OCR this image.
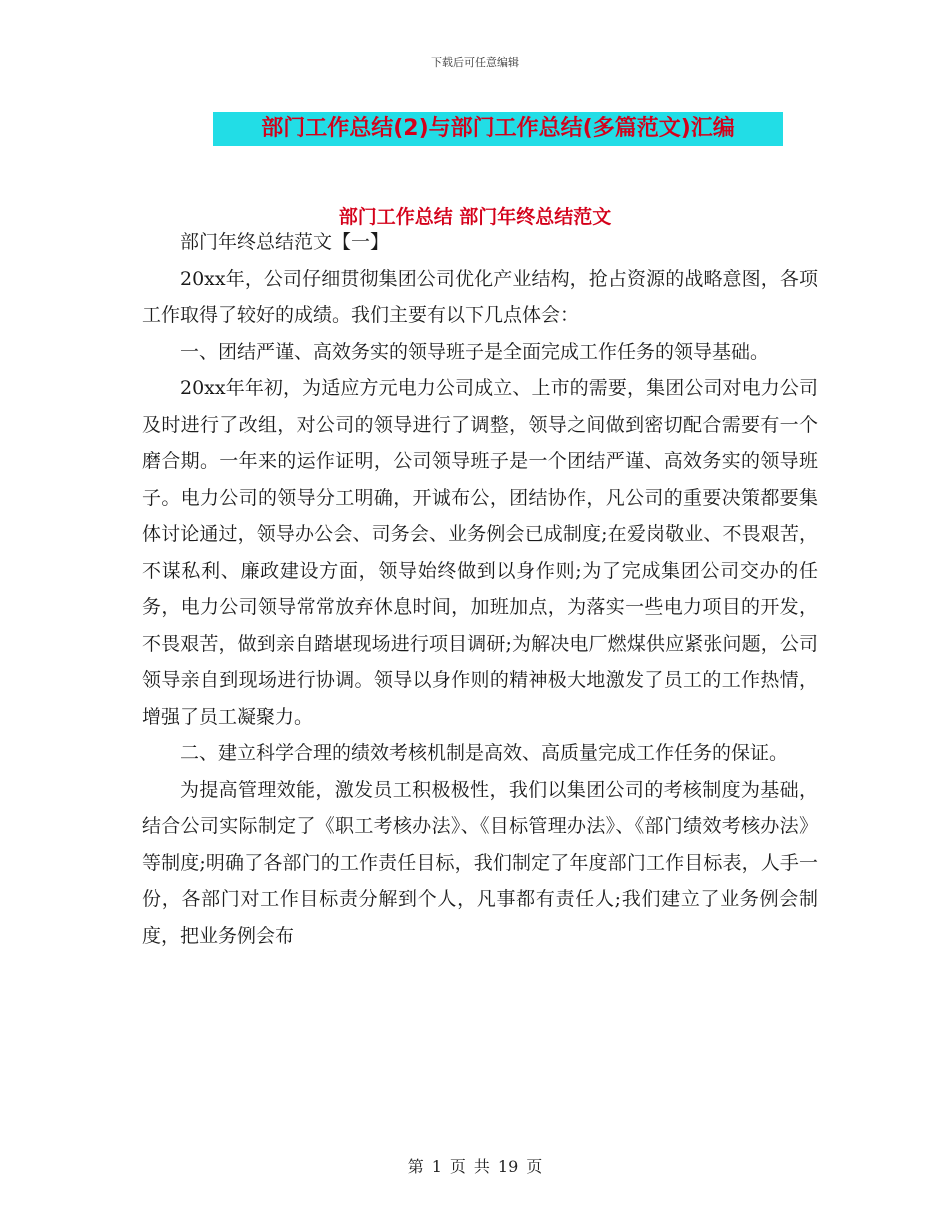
下载后可任意编辑
部门工作总结(2)与部门工作总结(多篇范文)汇编
部门工作总结 部门年终总结范文

部门年终总结范文【一】

20xx年，公司仔细贯彻集团公司优化产业结构，抢占资源的战略意图，各项工作取得了较好的成绩。我们主要有以下几点体会：

一、团结严谨、高效务实的领导班子是全面完成工作任务的领导基础。

20xx年年初，为适应方元电力公司成立、上市的需要，集团公司对电力公司及时进行了改组，对公司的领导进行了调整，领导之间做到密切配合需要有一个磨合期。一年来的运作证明，公司领导班子是一个团结严谨、高效务实的领导班子。电力公司的领导分工明确，开诚布公，团结协作，凡公司的重要决策都要集体讨论通过，领导办公会、司务会、业务例会已成制度;在爱岗敬业、不畏艰苦，不谋私利、廉政建设方面，领导始终做到以身作则;为了完成集团公司交办的任务，电力公司领导常常放弃休息时间，加班加点，为落实一些电力项目的开发，不畏艰苦，做到亲自踏堪现场进行项目调研;为解决电厂燃煤供应紧张问题，公司领导亲自到现场进行协调。领导以身作则的精神极大地激发了员工的工作热情，增强了员工凝聚力。

二、建立科学合理的绩效考核机制是高效、高质量完成工作任务的保证。

为提高管理效能，激发员工积极极性，我们以集团公司的考核制度为基础，结合公司实际制定了《职工考核办法》、《目标管理办法》、《部门绩效考核办法》等制度;明确了各部门的工作责任目标，我们制定了年度部门工作目标表，人手一份，各部门对工作目标责分解到个人，凡事都有责任人;我们建立了业务例会制度，把业务例会布

第 1 页 共 19 页
